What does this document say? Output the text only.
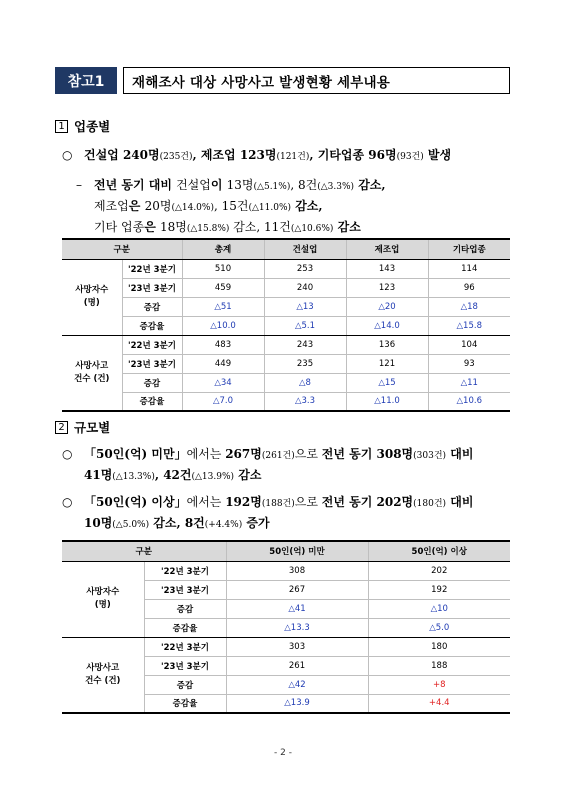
참고1	재해조사 대상 사망사고 발생현황 세부내용
1 업종별
○ 건설업 240명(235건), 제조업 123명(121건), 기타업종 96명(93건) 발생
– 전년 동기 대비 건설업이 13명(△5.1%), 8건(△3.3%) 감소,
제조업은 20명(△14.0%), 15건(△11.0%) 감소,
기타 업종은 18명(△15.8%) 감소, 11건(△10.6%) 감소
구분		총계	건설업	제조업	기타업종

사망자수
(명)	'22년 3분기	510	253	143	114
	'23년 3분기	459	240	123	96
	증감	△51	△13	△20	△18
	증감율	△10.0	△5.1	△14.0	△15.8

사망사고
건수 (건)	'22년 3분기	483	243	136	104
	'23년 3분기	449	235	121	93
	증감	△34	△8	△15	△11
	증감율	△7.0	△3.3	△11.0	△10.6
2 규모별
○ 「50인(억) 미만」에서는 267명(261건)으로 전년 동기 308명(303건) 대비
41명(△13.3%), 42건(△13.9%) 감소
○ 「50인(억) 이상」에서는 192명(188건)으로 전년 동기 202명(180건) 대비
10명(△5.0%) 감소, 8건(+4.4%) 증가
구분		50인(억) 미만	50인(억) 이상

사망자수
(명)	'22년 3분기	308	202
	'23년 3분기	267	192
	증감	△41	△10
	증감율	△13.3	△5.0

사망사고
건수 (건)	'22년 3분기	303	180
	'23년 3분기	261	188
	증감	△42	+8
	증감율	△13.9	+4.4
- 2 -
